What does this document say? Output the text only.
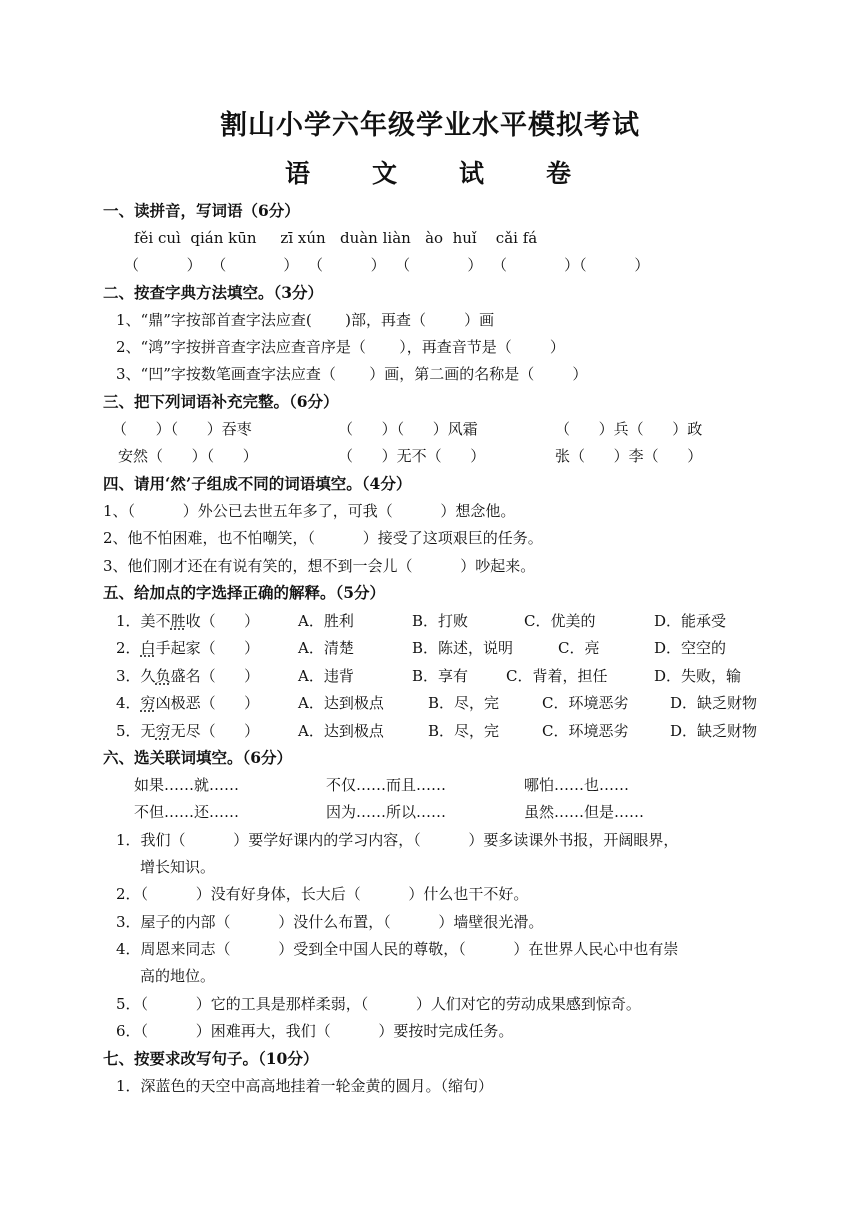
割山小学六年级学业水平模拟考试
语　　文　　试　　卷
一、读拼音，写词语（6分）
fěi cuì  qián kūn     zī xún   duàn liàn   ào  huǐ    cǎi fá
（          ）  （            ）  （          ）  （            ）  （            ）（          ）
二、按查字典方法填空。（3分）
1、“鼎”字按部首查字法应查(       )部，再查（        ）画
2、“鸿”字按拼音查字法应查音序是（       ），再查音节是（        ）
3、“凹”字按数笔画查字法应查（       ）画，第二画的名称是（        ）
三、把下列词语补充完整。（6分）
（      ）（      ）吞枣	（      ）（      ）风霜	（      ）兵（      ）政
安然（      ）（      ）	（      ）无不（      ）	张（      ）李（      ）
四、请用‘然’子组成不同的词语填空。（4分）
1、（          ）外公已去世五年多了，可我（          ）想念他。
2、他不怕困难，也不怕嘲笑，（          ）接受了这项艰巨的任务。
3、他们刚才还在有说有笑的，想不到一会儿（          ）吵起来。
五、给加点的字选择正确的解释。（5分）
1．美不胜收（      ）	A．胜利	B．打败	C．优美的	D．能承受
2．白手起家（      ）	A．清楚	B．陈述，说明	C．亮	D．空空的
3．久负盛名（      ）	A．违背	B．享有	C．背着，担任	D．失败，输
4．穷凶极恶（      ）	A．达到极点	B．尽，完	C．环境恶劣	D．缺乏财物
5．无穷无尽（      ）	A．达到极点	B．尽，完	C．环境恶劣	D．缺乏财物
六、选关联词填空。（6分）
如果……就……	不仅……而且……	哪怕……也……
不但……还……	因为……所以……	虽然……但是……
1．我们（          ）要学好课内的学习内容，（          ）要多读课外书报，开阔眼界，
增长知识。
2．（          ）没有好身体，长大后（          ）什么也干不好。
3．屋子的内部（          ）没什么布置，（          ）墙壁很光滑。
4．周恩来同志（          ）受到全中国人民的尊敬，（          ）在世界人民心中也有崇
高的地位。
5．（          ）它的工具是那样柔弱，（          ）人们对它的劳动成果感到惊奇。
6．（          ）困难再大，我们（          ）要按时完成任务。
七、按要求改写句子。（10分）
1．深蓝色的天空中高高地挂着一轮金黄的圆月。（缩句）
